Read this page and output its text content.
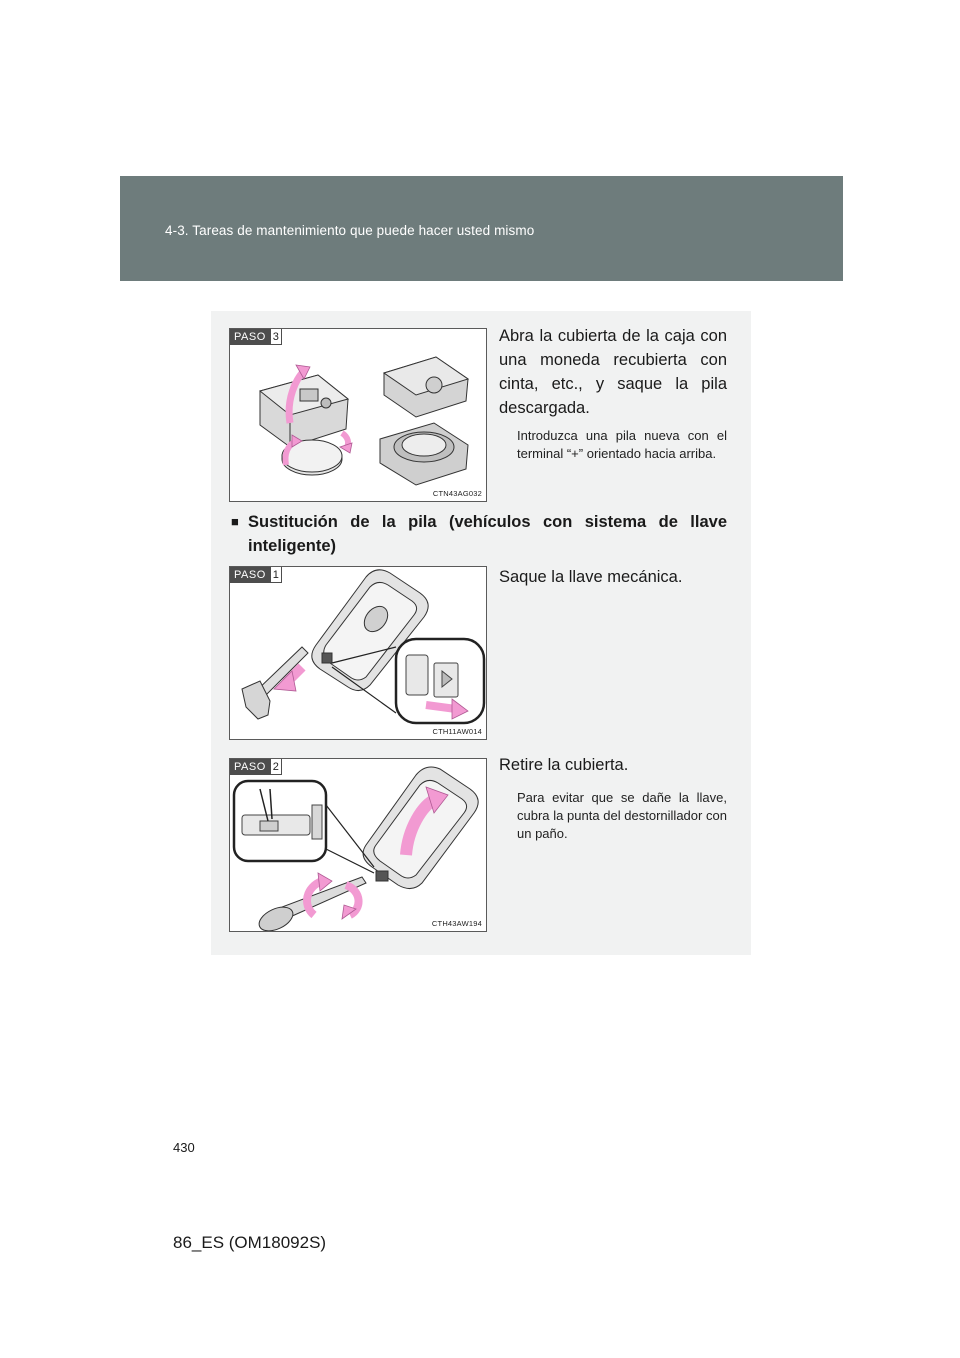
4-3. Tareas de mantenimiento que puede hacer usted mismo
PASO 3
CTN43AG032
Abra la cubierta de la caja con una moneda recubierta con cinta, etc., y saque la pila descargada.
Introduzca una pila nueva con el terminal “+” orientado hacia arriba.
■ Sustitución de la pila (vehículos con sistema de llave inteligente)
PASO 1
CTH11AW014
Saque la llave mecánica.
PASO 2
CTH43AW194
Retire la cubierta.
Para evitar que se dañe la llave, cubra la punta del destornillador con un paño.
430
86_ES (OM18092S)
